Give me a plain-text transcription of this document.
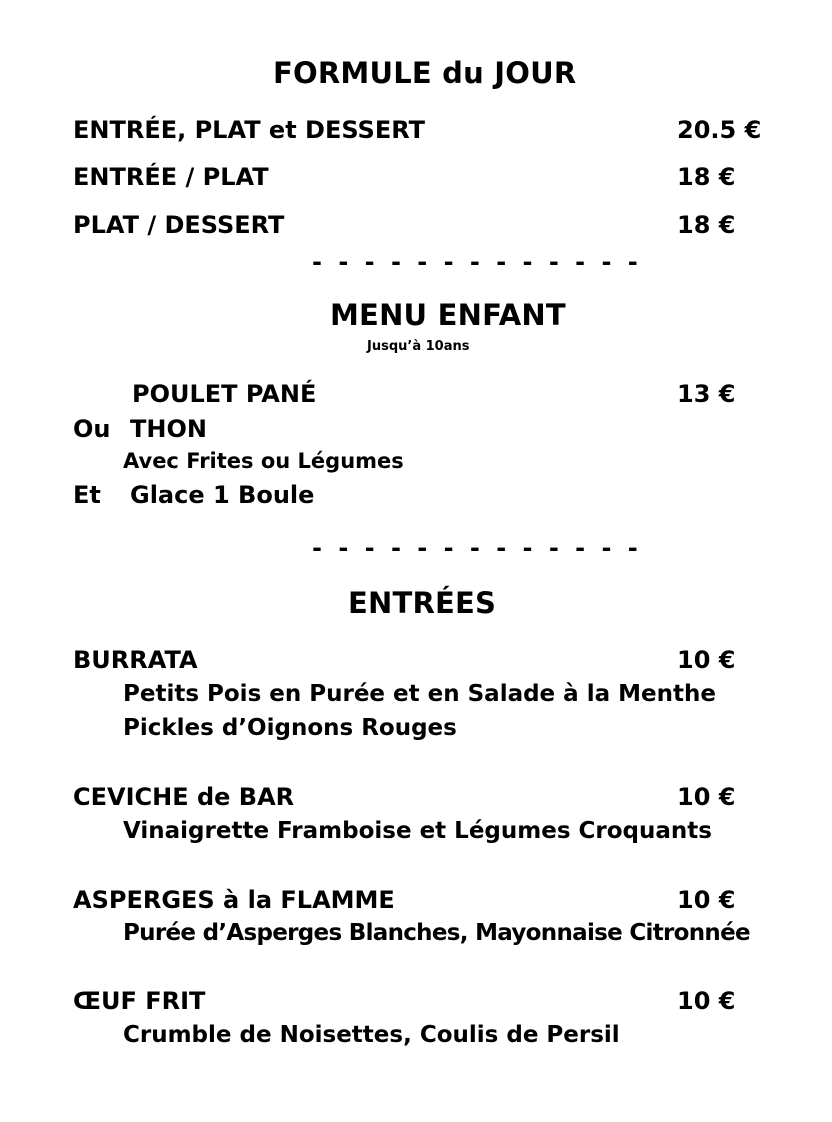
FORMULE du JOUR
ENTRÉE, PLAT et DESSERT	20.5 €
ENTRÉE / PLAT	18 €
PLAT / DESSERT	18 €
- - - - - - - - - - - - -
MENU ENFANT
Jusqu’à 10ans
POULET PANÉ	13 €
Ou THON
Avec Frites ou Légumes
Et Glace 1 Boule
- - - - - - - - - - - - -
ENTRÉES
BURRATA	10 €
Petits Pois en Purée et en Salade à la Menthe
Pickles d’Oignons Rouges
CEVICHE de BAR	10 €
Vinaigrette Framboise et Légumes Croquants
ASPERGES à la FLAMME	10 €
Purée d’Asperges Blanches, Mayonnaise Citronnée
ŒUF FRIT	10 €
Crumble de Noisettes, Coulis de Persil
